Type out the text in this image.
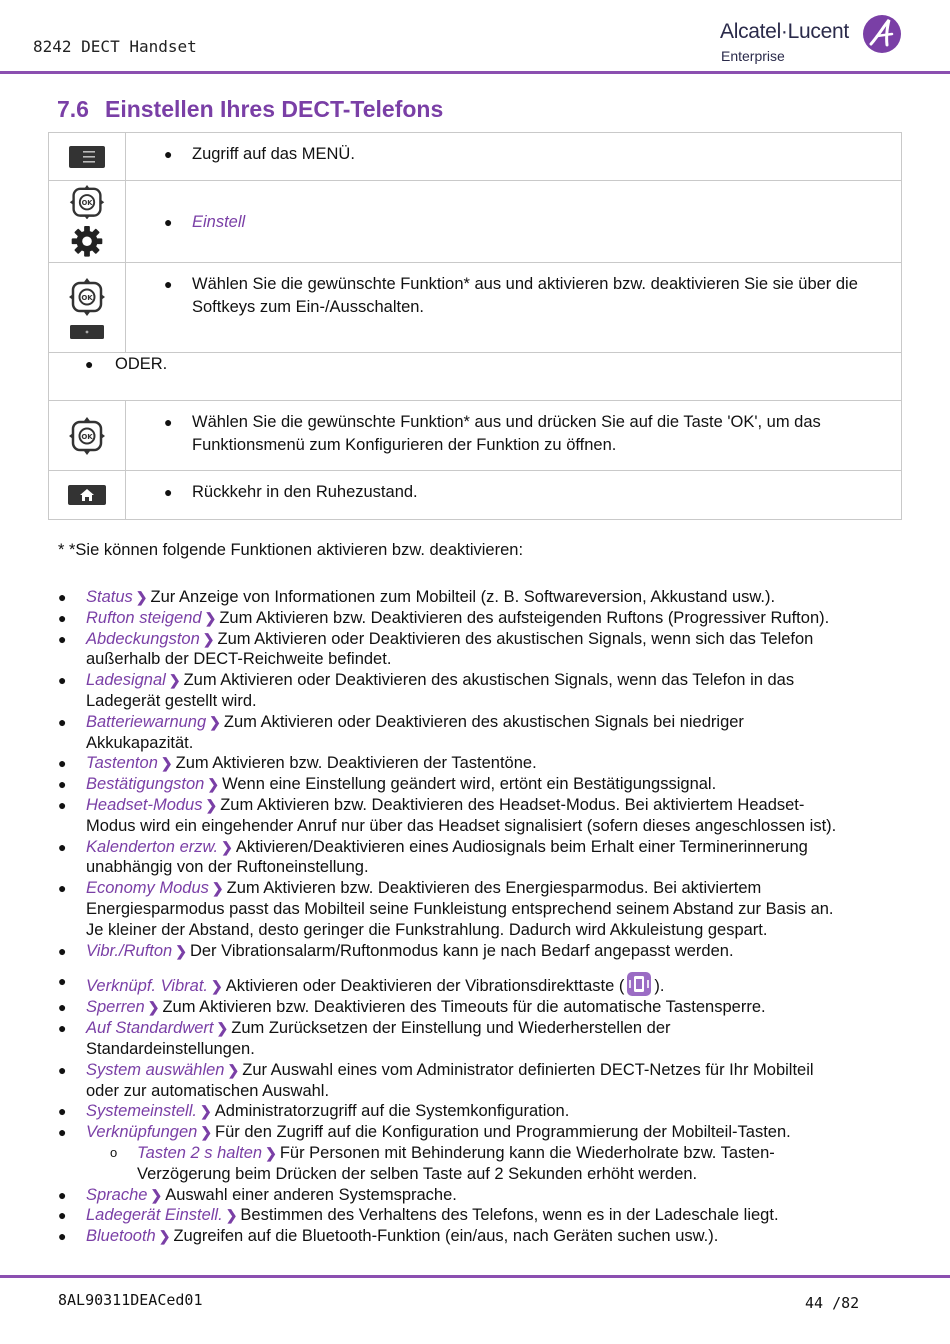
8242 DECT Handset
Alcatel·Lucent
Enterprise
7.6 Einstellen Ihres DECT-Telefons
● Zugriff auf das MENÜ.
OK
● Einstell
OK
● Wählen Sie die gewünschte Funktion* aus und aktivieren bzw. deaktivieren Sie sie über die Softkeys zum Ein-/Ausschalten.
● ODER.
OK
● Wählen Sie die gewünschte Funktion* aus und drücken Sie auf die Taste 'OK', um das Funktionsmenü zum Konfigurieren der Funktion zu öffnen.
● Rückkehr in den Ruhezustand.

* *Sie können folgende Funktionen aktivieren bzw. deaktivieren:

● Status ❯ Zur Anzeige von Informationen zum Mobilteil (z. B. Softwareversion, Akkustand usw.).
● Rufton steigend ❯ Zum Aktivieren bzw. Deaktivieren des aufsteigenden Ruftons (Progressiver Rufton).
● Abdeckungston ❯ Zum Aktivieren oder Deaktivieren des akustischen Signals, wenn sich das Telefon
außerhalb der DECT-Reichweite befindet.
● Ladesignal ❯ Zum Aktivieren oder Deaktivieren des akustischen Signals, wenn das Telefon in das
Ladegerät gestellt wird.
● Batteriewarnung ❯ Zum Aktivieren oder Deaktivieren des akustischen Signals bei niedriger
Akkukapazität.
● Tastenton ❯ Zum Aktivieren bzw. Deaktivieren der Tastentöne.
● Bestätigungston ❯ Wenn eine Einstellung geändert wird, ertönt ein Bestätigungssignal.
● Headset-Modus ❯ Zum Aktivieren bzw. Deaktivieren des Headset-Modus. Bei aktiviertem Headset-
Modus wird ein eingehender Anruf nur über das Headset signalisiert (sofern dieses angeschlossen ist).
● Kalenderton erzw. ❯ Aktivieren/Deaktivieren eines Audiosignals beim Erhalt einer Terminerinnerung
unabhängig von der Ruftoneinstellung.
● Economy Modus ❯ Zum Aktivieren bzw. Deaktivieren des Energiesparmodus. Bei aktiviertem
Energiesparmodus passt das Mobilteil seine Funkleistung entsprechend seinem Abstand zur Basis an.
Je kleiner der Abstand, desto geringer die Funkstrahlung. Dadurch wird Akkuleistung gespart.
● Vibr./Rufton ❯ Der Vibrationsalarm/Ruftonmodus kann je nach Bedarf angepasst werden.
● Verknüpf. Vibrat. ❯ Aktivieren oder Deaktivieren der Vibrationsdirekttaste ( ).
● Sperren ❯ Zum Aktivieren bzw. Deaktivieren des Timeouts für die automatische Tastensperre.
● Auf Standardwert ❯ Zum Zurücksetzen der Einstellung und Wiederherstellen der
Standardeinstellungen.
● System auswählen ❯ Zur Auswahl eines vom Administrator definierten DECT-Netzes für Ihr Mobilteil
oder zur automatischen Auswahl.
● Systemeinstell. ❯ Administratorzugriff auf die Systemkonfiguration.
● Verknüpfungen ❯ Für den Zugriff auf die Konfiguration und Programmierung der Mobilteil-Tasten.
o Tasten 2 s halten ❯ Für Personen mit Behinderung kann die Wiederholrate bzw. Tasten-
Verzögerung beim Drücken der selben Taste auf 2 Sekunden erhöht werden.
● Sprache ❯ Auswahl einer anderen Systemsprache.
● Ladegerät Einstell. ❯ Bestimmen des Verhaltens des Telefons, wenn es in der Ladeschale liegt.
● Bluetooth ❯ Zugreifen auf die Bluetooth-Funktion (ein/aus, nach Geräten suchen usw.).
8AL90311DEACed01	44 /82
